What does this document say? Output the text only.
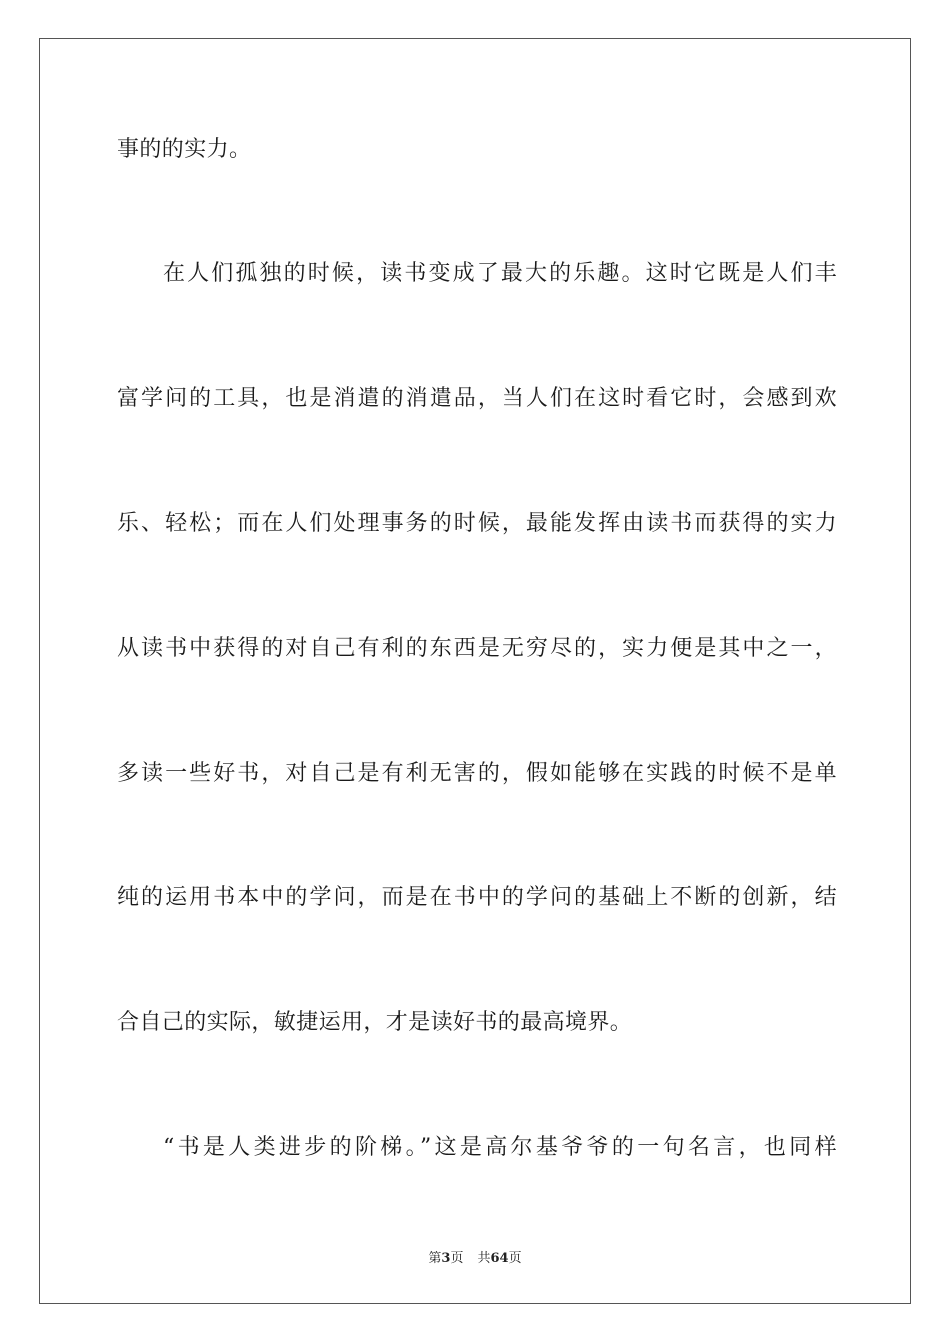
事的的实力。
在人们孤独的时候，读书变成了最大的乐趣。这时它既是人们丰
富学问的工具，也是消遣的消遣品，当人们在这时看它时，会感到欢
乐、轻松；而在人们处理事务的时候，最能发挥由读书而获得的实力
从读书中获得的对自己有利的东西是无穷尽的，实力便是其中之一，
多读一些好书，对自己是有利无害的，假如能够在实践的时候不是单
纯的运用书本中的学问，而是在书中的学问的基础上不断的创新，结
合自己的实际，敏捷运用，才是读好书的最高境界。
“书是人类进步的阶梯。”这是高尔基爷爷的一句名言，也同样
第3页 共64页
